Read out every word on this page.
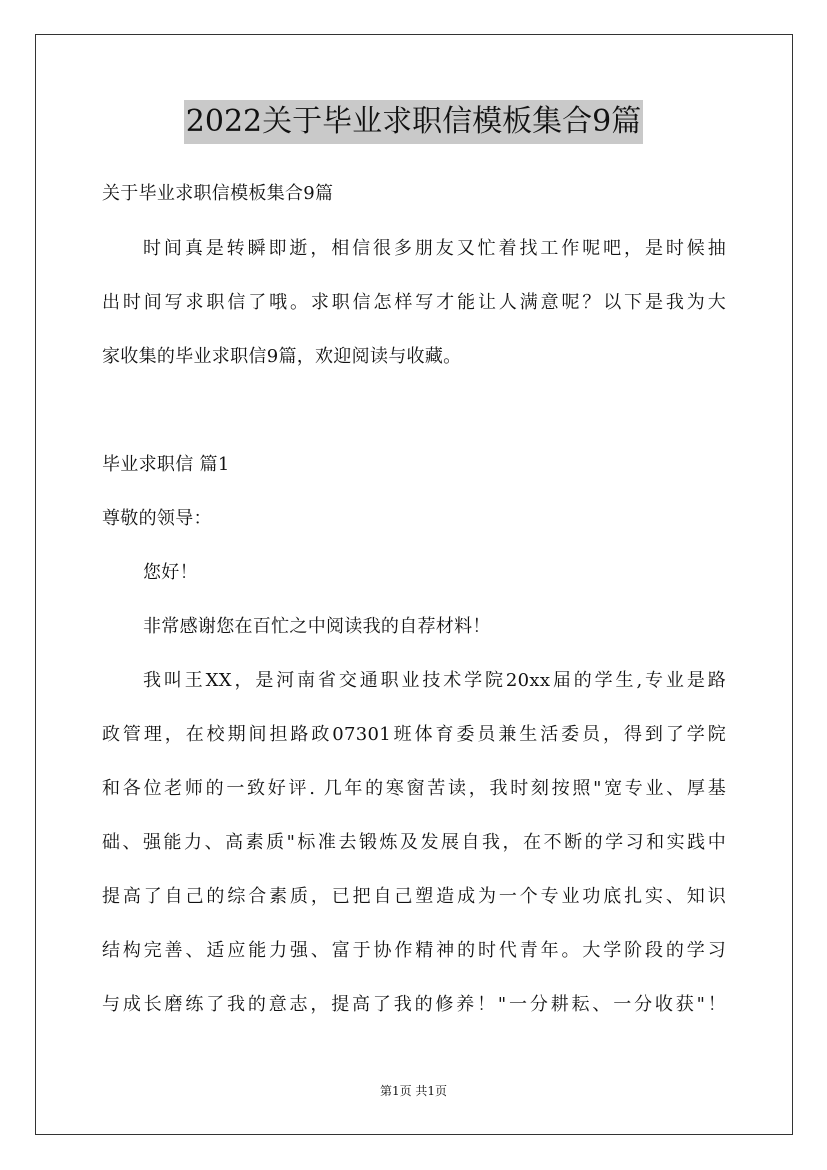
2022关于毕业求职信模板集合9篇
关于毕业求职信模板集合9篇
时间真是转瞬即逝，相信很多朋友又忙着找工作呢吧，是时候抽
出时间写求职信了哦。求职信怎样写才能让人满意呢？以下是我为大
家收集的毕业求职信9篇，欢迎阅读与收藏。
毕业求职信 篇1
尊敬的领导：
您好！
非常感谢您在百忙之中阅读我的自荐材料！
我叫王XX，是河南省交通职业技术学院20xx届的学生,专业是路
政管理，在校期间担路政07301班体育委员兼生活委员，得到了学院
和各位老师的一致好评. 几年的寒窗苦读，我时刻按照"宽专业、厚基
础、强能力、高素质"标准去锻炼及发展自我，在不断的学习和实践中
提高了自己的综合素质，已把自己塑造成为一个专业功底扎实、知识
结构完善、适应能力强、富于协作精神的时代青年。大学阶段的学习
与成长磨练了我的意志，提高了我的修养！"一分耕耘、一分收获"！
第1页 共1页
